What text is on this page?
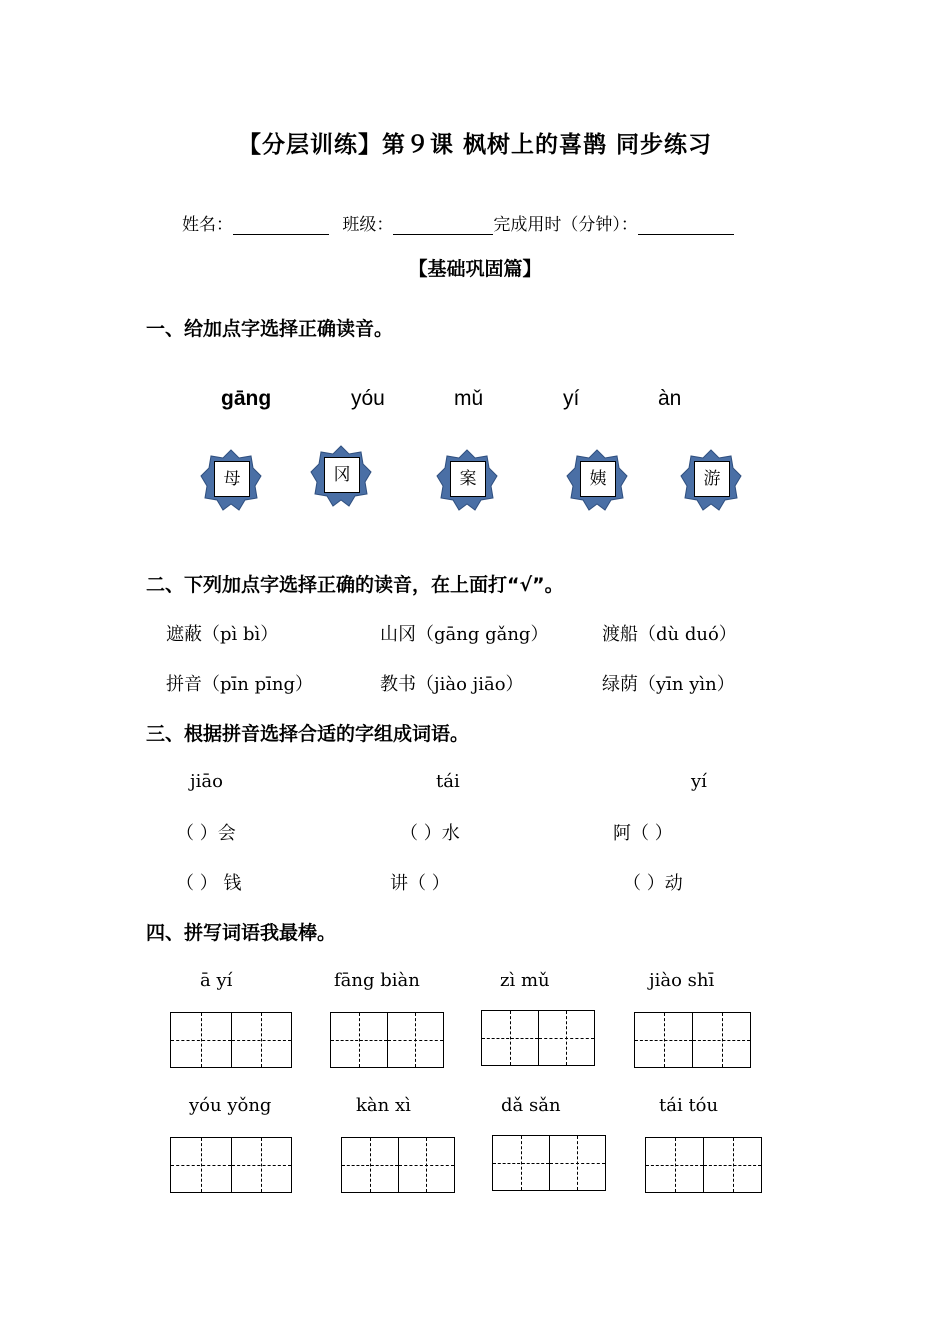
【分层训练】第９课 枫树上的喜鹊 同步练习
姓名：	班级：	完成用时（分钟）：
【基础巩固篇】
一、给加点字选择正确读音。
gāng	yóu	mǔ	yí	àn
母	冈	案	姨	游
二、下列加点字选择正确的读音，在上面打“√”。
遮蔽（pì bì）	山冈（gāng gǎng）	渡船（dù duó）
拼音（pīn pīng）	教书（jiào jiāo）	绿荫（yīn yìn）
三、根据拼音选择合适的字组成词语。
jiāo	tái	yí
（ ）会	（ ）水	阿（ ）
（ ） 钱	讲（ ）	（ ）动
四、拼写词语我最棒。
ā yí	fāng biàn	zì mǔ	jiào shī
yóu yǒng	kàn xì	dǎ sǎn	tái tóu
